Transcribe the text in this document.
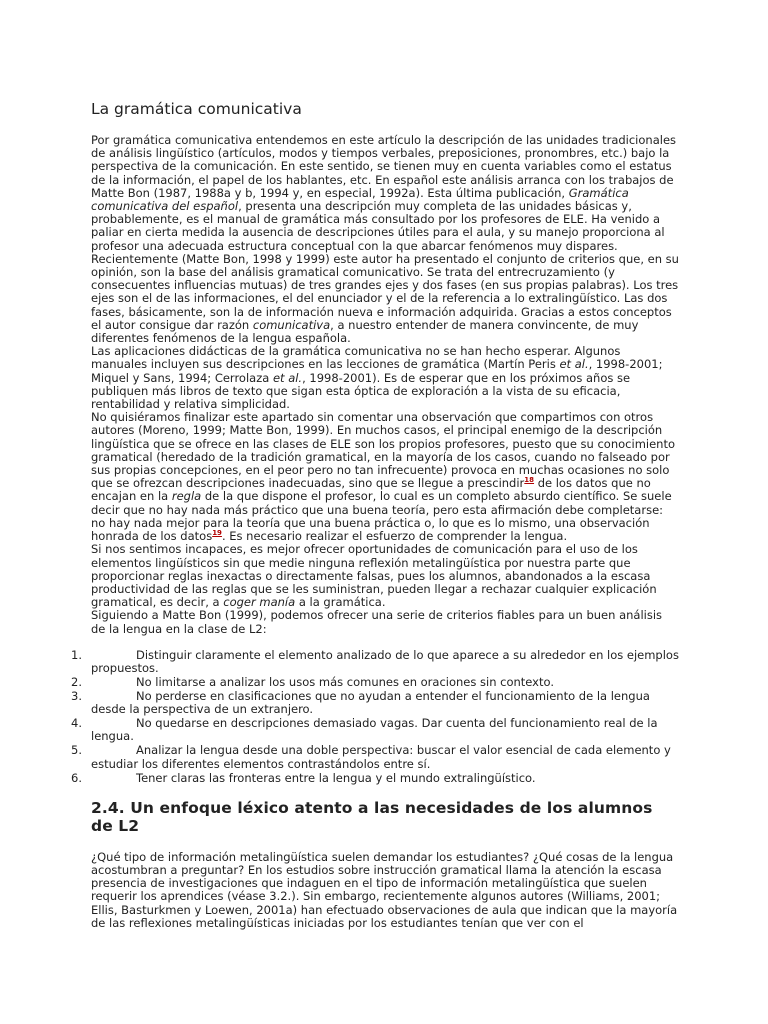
La gramática comunicativa

Por gramática comunicativa entendemos en este artículo la descripción de las unidades tradicionales de análisis lingüístico (artículos, modos y tiempos verbales, preposiciones, pronombres, etc.) bajo la perspectiva de la comunicación. En este sentido, se tienen muy en cuenta variables como el estatus de la información, el papel de los hablantes, etc. En español este análisis arranca con los trabajos de Matte Bon (1987, 1988a y b, 1994 y, en especial, 1992a). Esta última publicación, Gramática comunicativa del español, presenta una descripción muy completa de las unidades básicas y, probablemente, es el manual de gramática más consultado por los profesores de ELE. Ha venido a paliar en cierta medida la ausencia de descripciones útiles para el aula, y su manejo proporciona al profesor una adecuada estructura conceptual con la que abarcar fenómenos muy dispares.

Recientemente (Matte Bon, 1998 y 1999) este autor ha presentado el conjunto de criterios que, en su opinión, son la base del análisis gramatical comunicativo. Se trata del entrecruzamiento (y consecuentes influencias mutuas) de tres grandes ejes y dos fases (en sus propias palabras). Los tres ejes son el de las informaciones, el del enunciador y el de la referencia a lo extralingüístico. Las dos fases, básicamente, son la de información nueva e información adquirida. Gracias a estos conceptos el autor consigue dar razón comunicativa, a nuestro entender de manera convincente, de muy diferentes fenómenos de la lengua española.

Las aplicaciones didácticas de la gramática comunicativa no se han hecho esperar. Algunos manuales incluyen sus descripciones en las lecciones de gramática (Martín Peris et al., 1998-2001; Miquel y Sans, 1994; Cerrolaza et al., 1998-2001). Es de esperar que en los próximos años se publiquen más libros de texto que sigan esta óptica de exploración a la vista de su eficacia, rentabilidad y relativa simplicidad.

No quisiéramos finalizar este apartado sin comentar una observación que compartimos con otros autores (Moreno, 1999; Matte Bon, 1999). En muchos casos, el principal enemigo de la descripción lingüística que se ofrece en las clases de ELE son los propios profesores, puesto que su conocimiento gramatical (heredado de la tradición gramatical, en la mayoría de los casos, cuando no falseado por sus propias concepciones, en el peor pero no tan infrecuente) provoca en muchas ocasiones no solo que se ofrezcan descripciones inadecuadas, sino que se llegue a prescindir$^{18}$ de los datos que no encajan en la regla de la que dispone el profesor, lo cual es un completo absurdo científico. Se suele decir que no hay nada más práctico que una buena teoría, pero esta afirmación debe completarse: no hay nada mejor para la teoría que una buena práctica o, lo que es lo mismo, una observación honrada de los datos$^{19}$. Es necesario realizar el esfuerzo de comprender la lengua.

Si nos sentimos incapaces, es mejor ofrecer oportunidades de comunicación para el uso de los elementos lingüísticos sin que medie ninguna reflexión metalingüística por nuestra parte que proporcionar reglas inexactas o directamente falsas, pues los alumnos, abandonados a la escasa productividad de las reglas que se les suministran, pueden llegar a rechazar cualquier explicación gramatical, es decir, a coger manía a la gramática.

Siguiendo a Matte Bon (1999), podemos ofrecer una serie de criterios fiables para un buen análisis de la lengua en la clase de L2:

1.	Distinguir claramente el elemento analizado de lo que aparece a su alrededor en los ejemplos propuestos.
2.	No limitarse a analizar los usos más comunes en oraciones sin contexto.
3.	No perderse en clasificaciones que no ayudan a entender el funcionamiento de la lengua desde la perspectiva de un extranjero.
4.	No quedarse en descripciones demasiado vagas. Dar cuenta del funcionamiento real de la lengua.
5.	Analizar la lengua desde una doble perspectiva: buscar el valor esencial de cada elemento y estudiar los diferentes elementos contrastándolos entre sí.
6.	Tener claras las fronteras entre la lengua y el mundo extralingüístico.
2.4. Un enfoque léxico atento a las necesidades de los alumnos de L2

¿Qué tipo de información metalingüística suelen demandar los estudiantes? ¿Qué cosas de la lengua acostumbran a preguntar? En los estudios sobre instrucción gramatical llama la atención la escasa presencia de investigaciones que indaguen en el tipo de información metalingüística que suelen requerir los aprendices (véase 3.2.). Sin embargo, recientemente algunos autores (Williams, 2001; Ellis, Basturkmen y Loewen, 2001a) han efectuado observaciones de aula que indican que la mayoría de las reflexiones metalingüísticas iniciadas por los estudiantes tenían que ver con el
